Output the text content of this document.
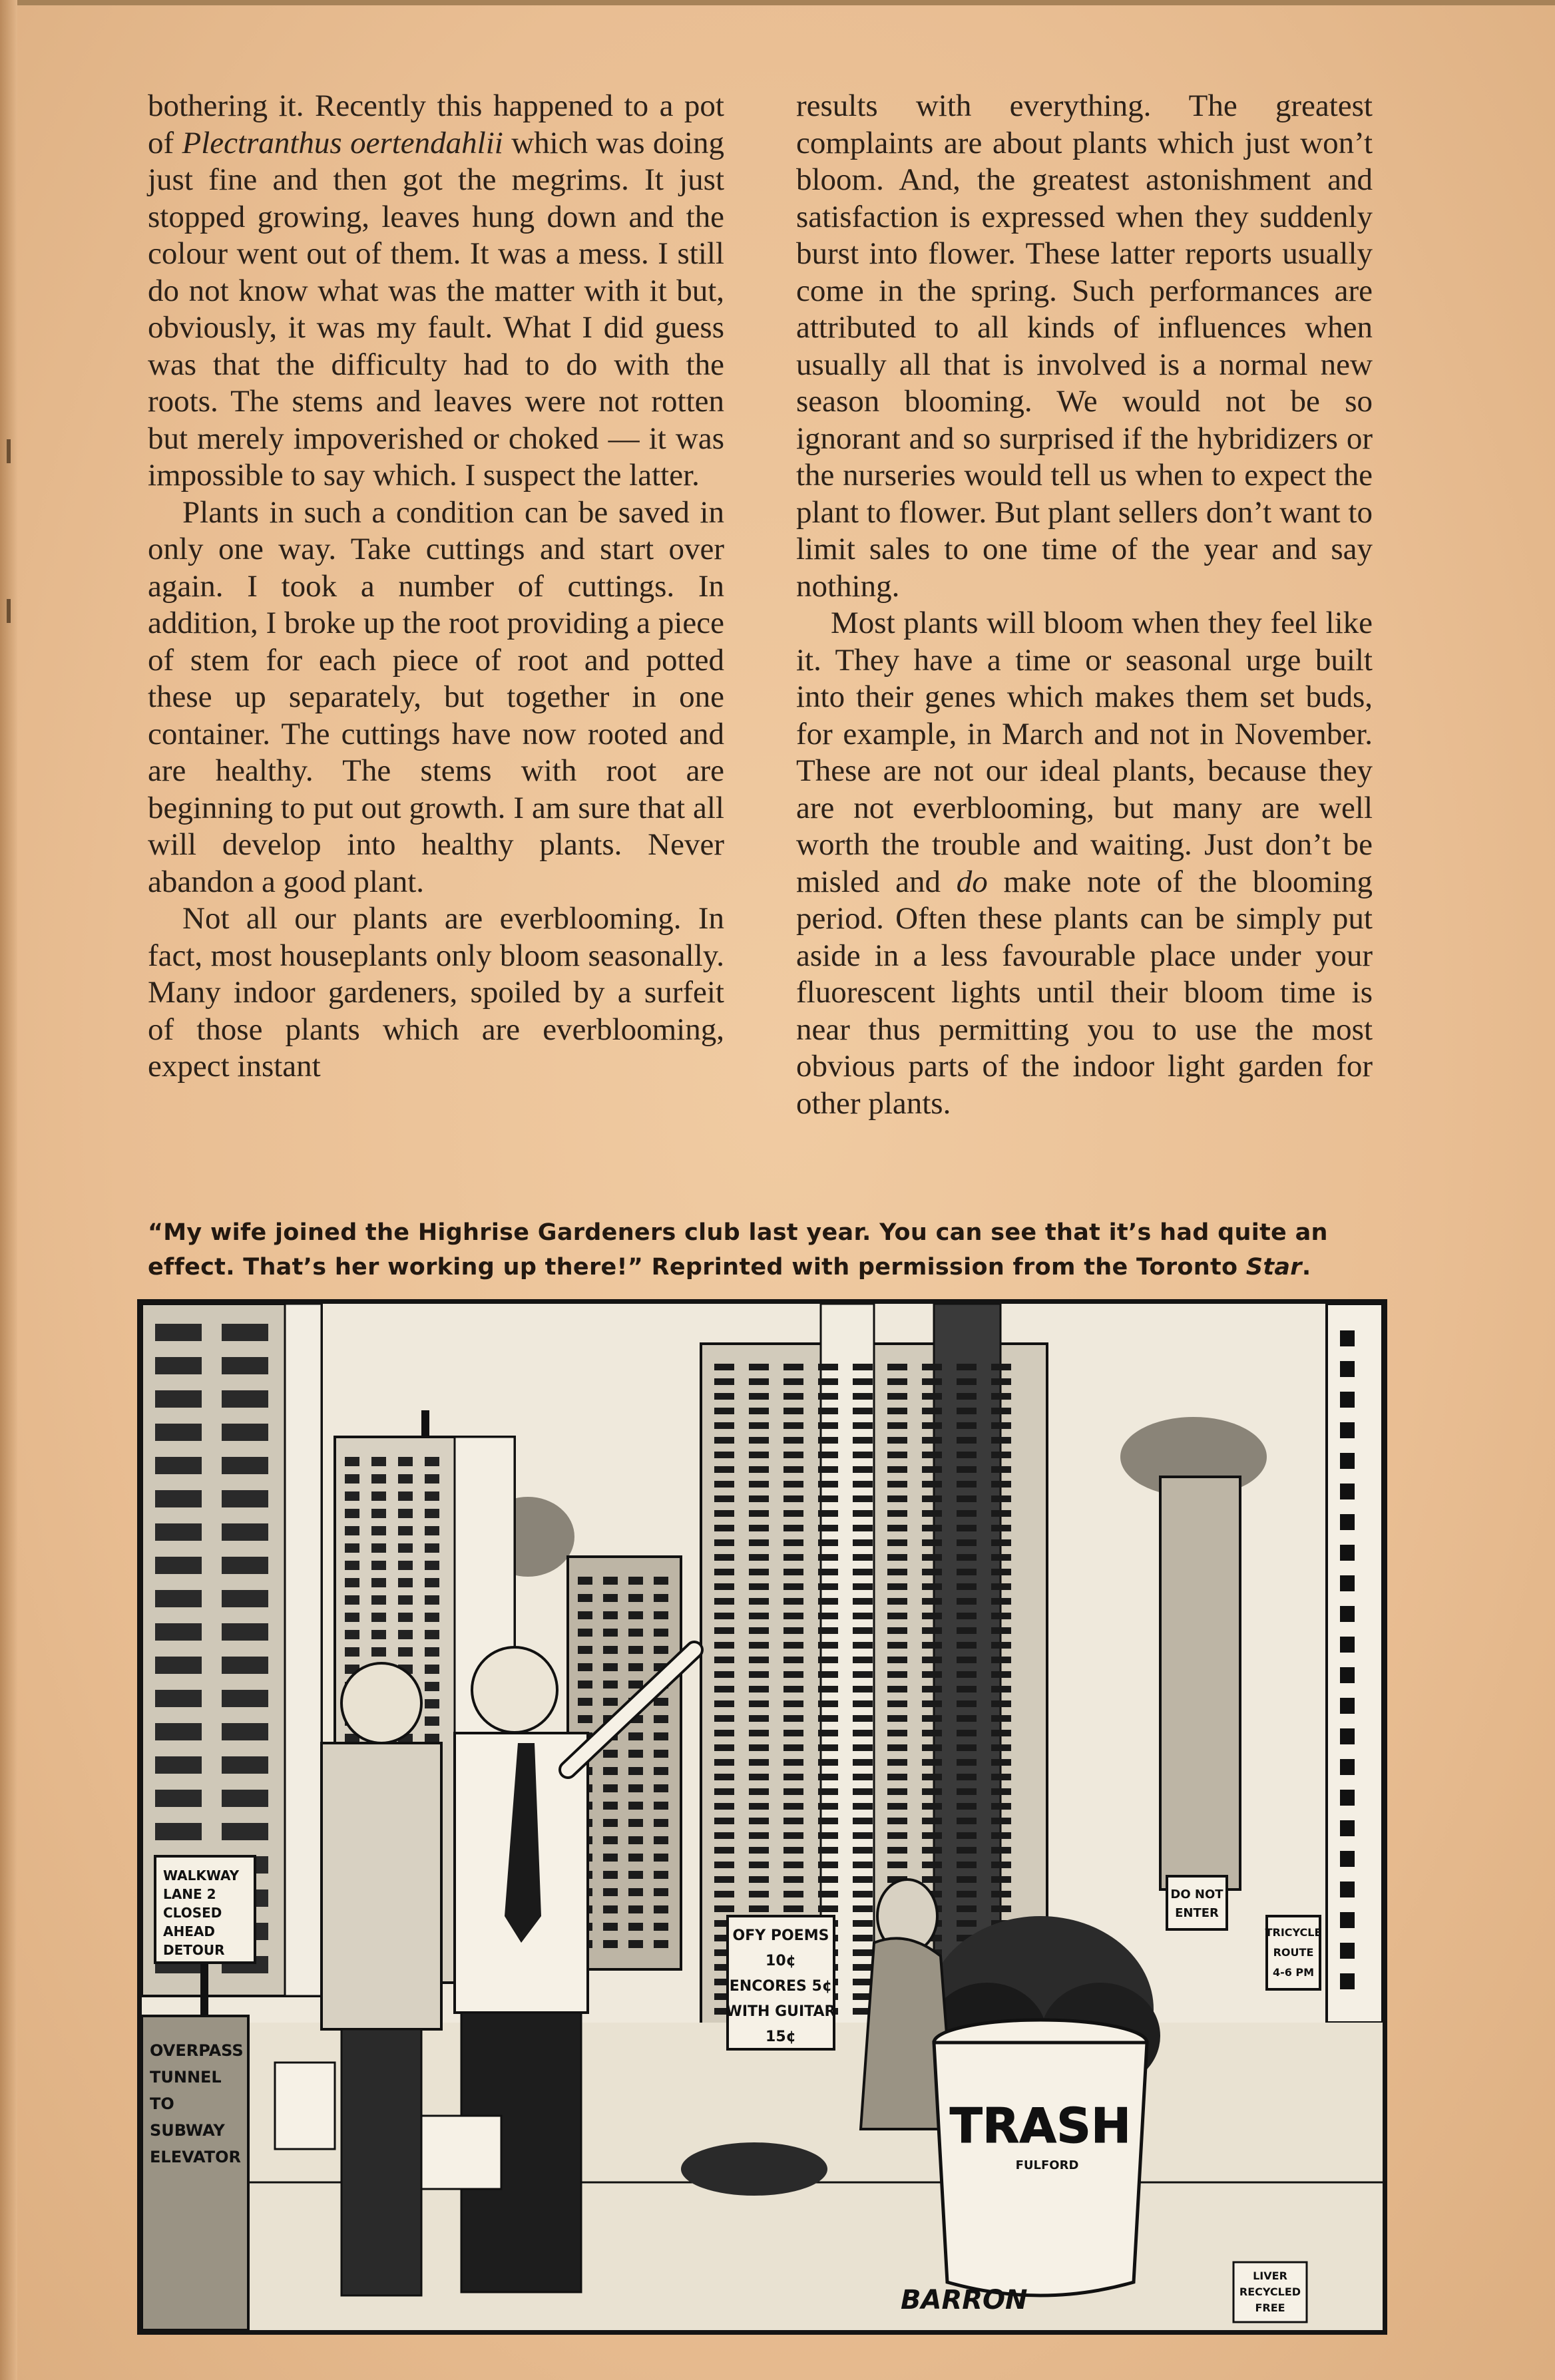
bothering it. Recently this happened to a pot of Plectranthus oertendahlii which was doing just fine and then got the megrims. It just stopped growing, leaves hung down and the colour went out of them. It was a mess. I still do not know what was the matter with it but, obviously, it was my fault. What I did guess was that the difficulty had to do with the roots. The stems and leaves were not rotten but merely impoverished or choked — it was impossible to say which. I suspect the latter.

Plants in such a condition can be saved in only one way. Take cuttings and start over again. I took a number of cuttings. In addition, I broke up the root providing a piece of stem for each piece of root and potted these up separately, but together in one container. The cuttings have now rooted and are healthy. The stems with root are beginning to put out growth. I am sure that all will develop into healthy plants. Never abandon a good plant.

Not all our plants are everblooming. In fact, most houseplants only bloom seasonally. Many indoor gardeners, spoiled by a surfeit of those plants which are everblooming, expect instant

results with everything. The greatest complaints are about plants which just won’t bloom. And, the greatest astonishment and satisfaction is expressed when they suddenly burst into flower. These latter reports usually come in the spring. Such performances are attributed to all kinds of influences when usually all that is involved is a normal new season blooming. We would not be so ignorant and so surprised if the hybridizers or the nurseries would tell us when to expect the plant to flower. But plant sellers don’t want to limit sales to one time of the year and say nothing.

Most plants will bloom when they feel like it. They have a time or seasonal urge built into their genes which makes them set buds, for example, in March and not in November. These are not our ideal plants, because they are not everblooming, but many are well worth the trouble and waiting. Just don’t be misled and do make note of the blooming period. Often these plants can be simply put aside in a less favourable place under your fluorescent lights until their bloom time is near thus permitting you to use the most obvious parts of the indoor light garden for other plants.

“My wife joined the Highrise Gardeners club last year. You can see that it’s had quite an effect. That’s her working up there!” Reprinted with permission from the Toronto Star.
WALKWAY
LANE 2
CLOSED
AHEAD
DETOUR
OVERPASS
TUNNEL
TO
SUBWAY
ELEVATOR
OFY POEMS
10¢
ENCORES 5¢
WITH GUITAR
15¢
DO NOT
ENTER
TRICYCLE
ROUTE
4-6 PM
TRASH
FULFORD
LIVER
RECYCLED
FREE
BARRON
